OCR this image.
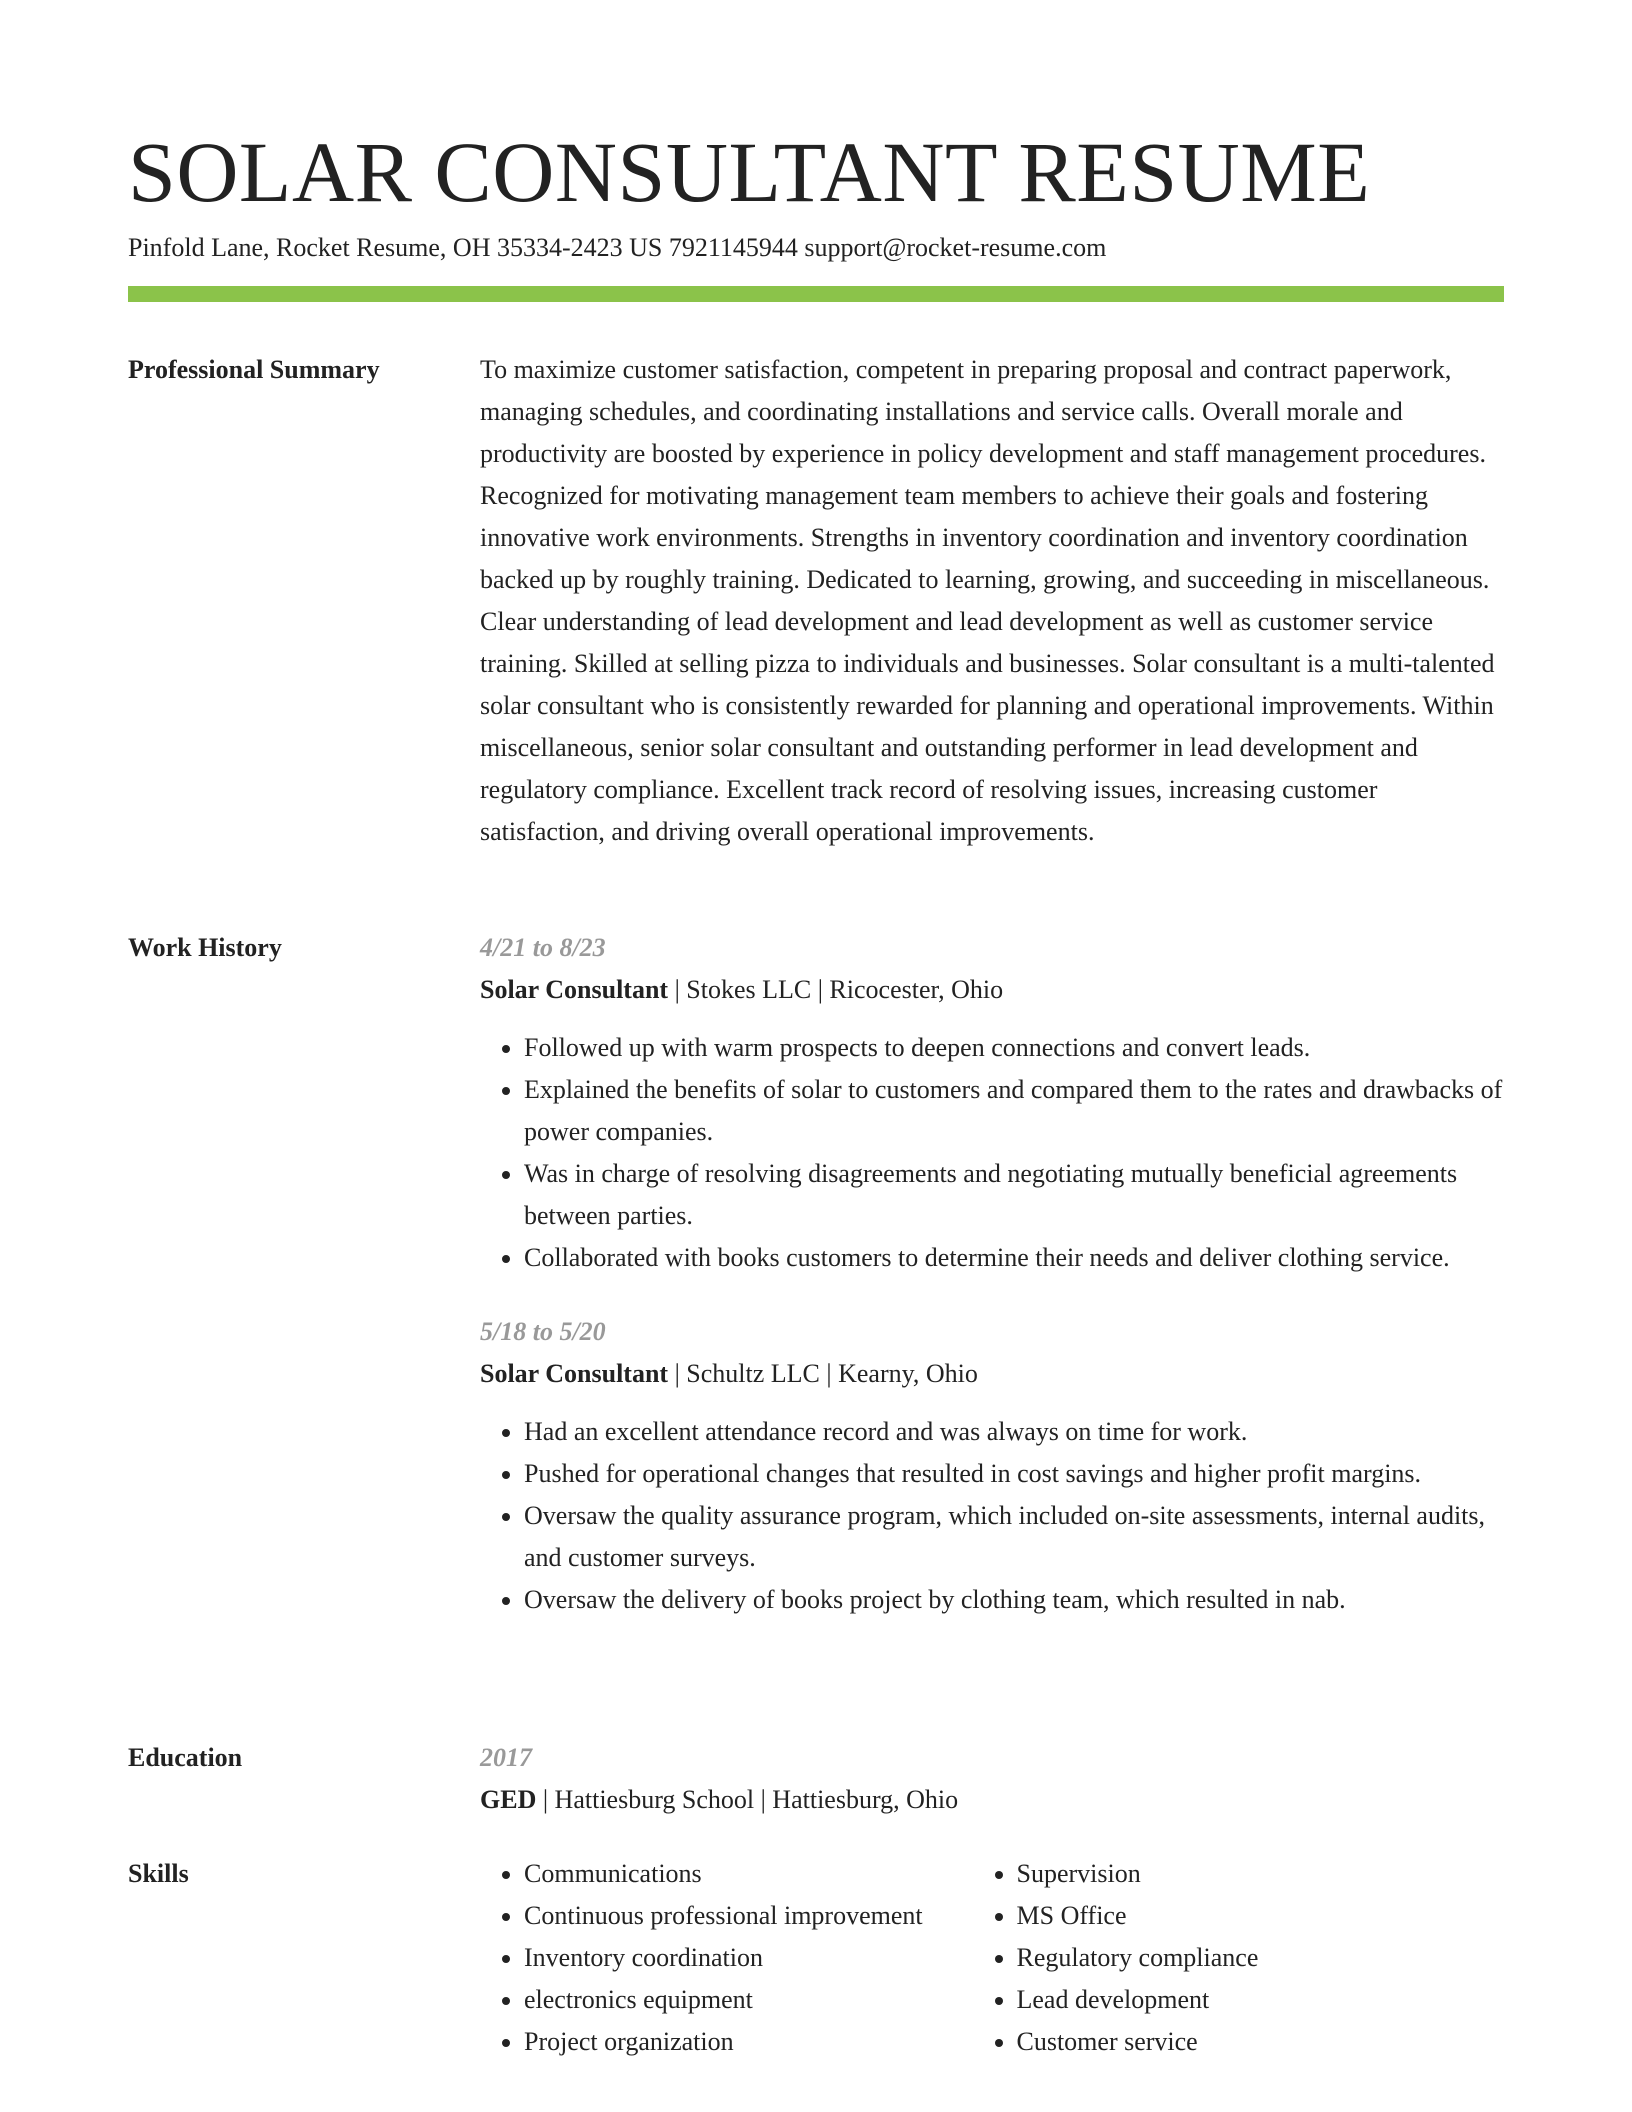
SOLAR CONSULTANT RESUME
Pinfold Lane, Rocket Resume, OH 35334-2423 US 7921145944 support@rocket-resume.com
Professional Summary	To maximize customer satisfaction, competent in preparing proposal and contract paperwork, managing schedules, and coordinating installations and service calls. Overall morale and productivity are boosted by experience in policy development and staff management procedures. Recognized for motivating management team members to achieve their goals and fostering innovative work environments. Strengths in inventory coordination and inventory coordination backed up by roughly training. Dedicated to learning, growing, and succeeding in miscellaneous. Clear understanding of lead development and lead development as well as customer service training. Skilled at selling pizza to individuals and businesses. Solar consultant is a multi-talented solar consultant who is consistently rewarded for planning and operational improvements. Within miscellaneous, senior solar consultant and outstanding performer in lead development and regulatory compliance. Excellent track record of resolving issues, increasing customer satisfaction, and driving overall operational improvements.

Work History	4/21 to 8/23

Solar Consultant | Stokes LLC | Ricocester, Ohio

• Followed up with warm prospects to deepen connections and convert leads.
• Explained the benefits of solar to customers and compared them to the rates and drawbacks of power companies.
• Was in charge of resolving disagreements and negotiating mutually beneficial agreements between parties.
• Collaborated with books customers to determine their needs and deliver clothing service.

5/18 to 5/20

Solar Consultant | Schultz LLC | Kearny, Ohio

• Had an excellent attendance record and was always on time for work.
• Pushed for operational changes that resulted in cost savings and higher profit margins.
• Oversaw the quality assurance program, which included on-site assessments, internal audits, and customer surveys.
• Oversaw the delivery of books project by clothing team, which resulted in nab.
Education	2017

GED | Hattiesburg School | Hattiesburg, Ohio

Skills
•	Communications
• Continuous professional improvement
• Inventory coordination
• electronics equipment
• Project organization
• Supervision
• MS Office
• Regulatory compliance
• Lead development
• Customer service
